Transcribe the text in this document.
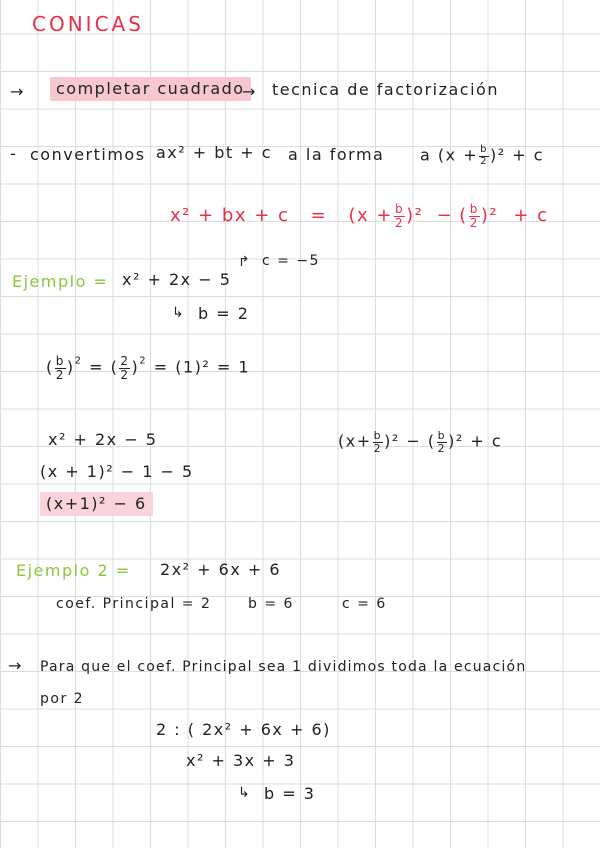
CONICAS
→	completar cuadrado
→ tecnica de factorización
- convertimos ax² + bt + c a la forma a $(x + \frac{b}{2} )^2 + c$
x² + bx + $c = (x + \frac{b}{2} )^2$ − ( $\frac{b}{2} )^2 + c$
Ejemplo = x² + 2x − 5
↱ c = −5
↳ b = 2
( $\frac{b}{2} )^2$ = ( $\frac{2}{2} )^2 = (1)^2 = 1$
x² + 2x − 5
(x + 1)² − 1 − 5
(x+1)² − 6
$(x+ \frac{b}{2} )^2$ − ( $\frac{b}{2} )^2 + c$
Ejemplo 2 = 2x² + 6x + 6
coef. Principal = 2	b = 6	c = 6
→ Para que el coef. Principal sea 1 dividimos toda la ecuación
por 2
2 : ( 2x² + 6x + 6)
x² + 3x + 3
↳ b = 3
